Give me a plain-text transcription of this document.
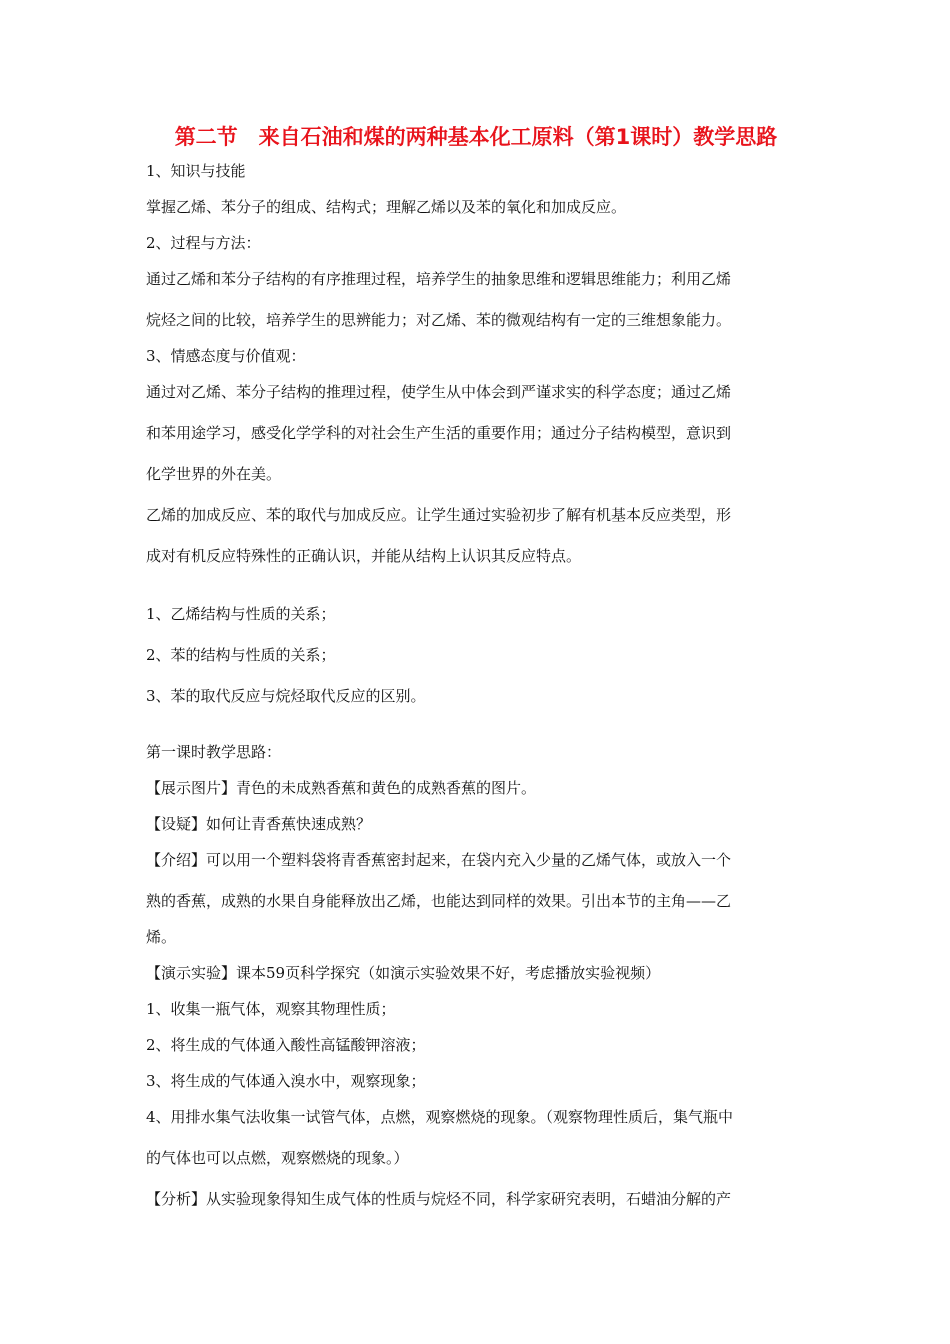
第二节　来自石油和煤的两种基本化工原料（第1课时）教学思路

1、知识与技能

掌握乙烯、苯分子的组成、结构式；理解乙烯以及苯的氧化和加成反应。

2、过程与方法：

通过乙烯和苯分子结构的有序推理过程，培养学生的抽象思维和逻辑思维能力；利用乙烯

烷烃之间的比较，培养学生的思辨能力；对乙烯、苯的微观结构有一定的三维想象能力。

3、情感态度与价值观：

通过对乙烯、苯分子结构的推理过程，使学生从中体会到严谨求实的科学态度；通过乙烯

和苯用途学习，感受化学学科的对社会生产生活的重要作用；通过分子结构模型，意识到

化学世界的外在美。

乙烯的加成反应、苯的取代与加成反应。让学生通过实验初步了解有机基本反应类型，形

成对有机反应特殊性的正确认识，并能从结构上认识其反应特点。

1、乙烯结构与性质的关系；

2、苯的结构与性质的关系；

3、苯的取代反应与烷烃取代反应的区别。

第一课时教学思路：

【展示图片】青色的未成熟香蕉和黄色的成熟香蕉的图片。

【设疑】如何让青香蕉快速成熟？

【介绍】可以用一个塑料袋将青香蕉密封起来，在袋内充入少量的乙烯气体，或放入一个

熟的香蕉，成熟的水果自身能释放出乙烯，也能达到同样的效果。引出本节的主角——乙

烯。

【演示实验】课本59页科学探究（如演示实验效果不好，考虑播放实验视频）

1、收集一瓶气体，观察其物理性质；

2、将生成的气体通入酸性高锰酸钾溶液；

3、将生成的气体通入溴水中，观察现象；

4、用排水集气法收集一试管气体，点燃，观察燃烧的现象。（观察物理性质后，集气瓶中

的气体也可以点燃，观察燃烧的现象。）

【分析】从实验现象得知生成气体的性质与烷烃不同，科学家研究表明，石蜡油分解的产
